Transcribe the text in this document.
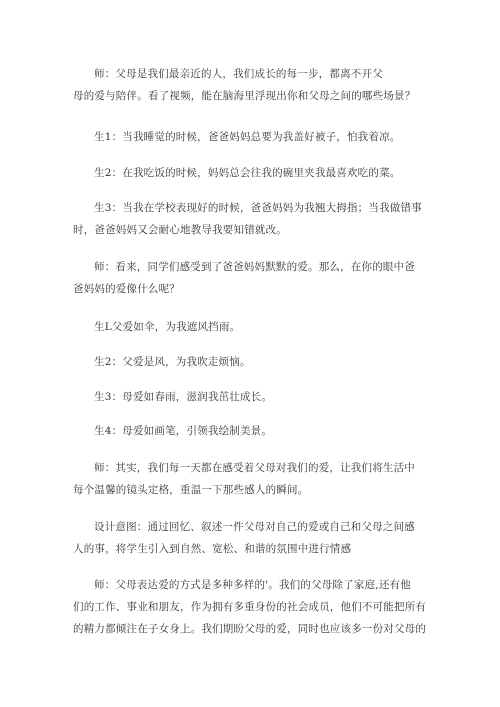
师：父母是我们最亲近的人，我们成长的每一步，都离不开父
母的爱与陪伴。看了视频，能在脑海里浮现出你和父母之间的哪些场景？

生1：当我睡觉的时候，爸爸妈妈总要为我盖好被子，怕我着凉。

生2：在我吃饭的时候，妈妈总会往我的碗里夹我最喜欢吃的菜。

生3：当我在学校表现好的时候，爸爸妈妈为我翘大拇指；当我做错事
时，爸爸妈妈又会耐心地教导我要知错就改。

师：看来，同学们感受到了爸爸妈妈默默的爱。那么，在你的眼中爸
爸妈妈的爱像什么呢？

生L父爱如伞，为我遮风挡雨。

生2：父爱是风，为我吹走烦恼。

生3：母爱如春雨，滋润我茁壮成长。

生4：母爱如画笔，引领我绘制美景。

师：其实，我们每一天都在感受着父母对我们的爱，让我们将生活中
每个温馨的镜头定格，重温一下那些感人的瞬间。

设计意图：通过回忆、叙述一件父母对自己的爱或自己和父母之间感
人的事，将学生引入到自然、宽松、和谐的氛围中进行情感

师：父母表达爱的方式是多种多样的'。我们的父母除了家庭,还有他
们的工作、事业和朋友，作为拥有多重身份的社会成员，他们不可能把所有
的精力都倾注在子女身上。我们期盼父母的爱，同时也应该多一份对父母的
